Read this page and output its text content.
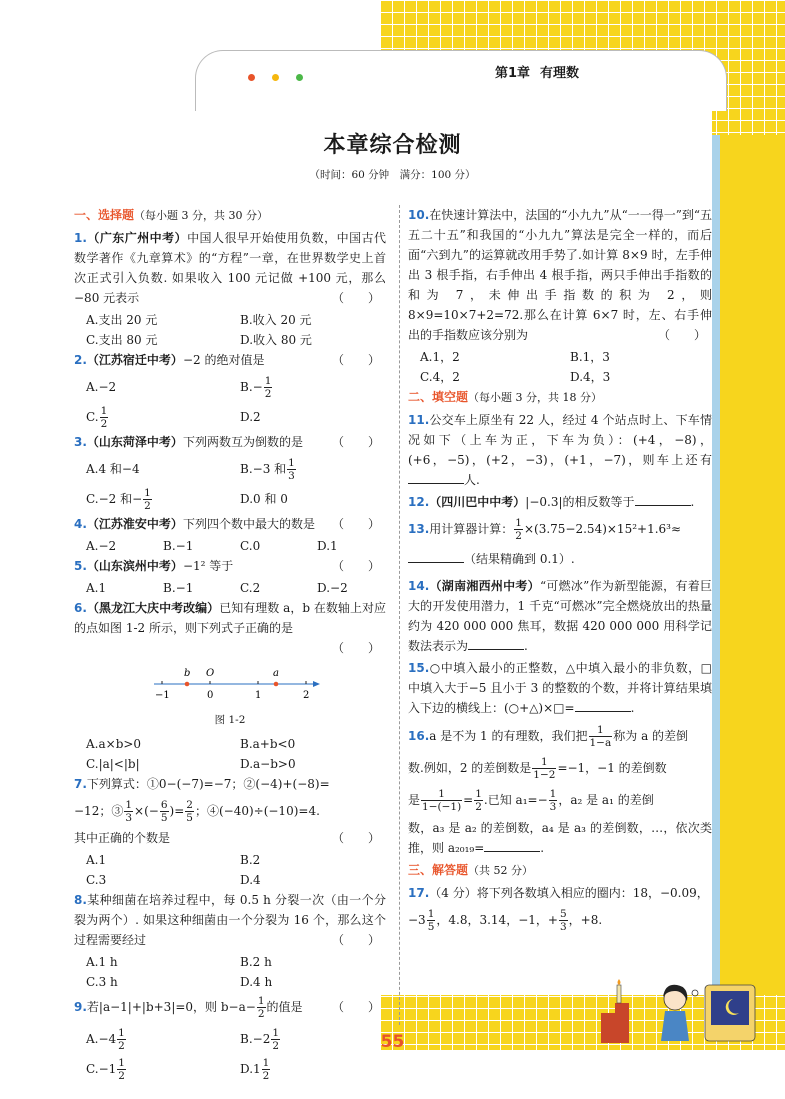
第1章 有理数
本章综合检测
（时间：60 分钟　满分：100 分）
一、选择题（每小题 3 分，共 30 分）
1.（广东广州中考）中国人很早开始使用负数，中国古代数学著作《九章算术》的“方程”一章，在世界数学史上首次正式引入负数. 如果收入 100 元记做 +100 元，那么 −80 元表示	（　　）
A.支出 20 元	B.收入 20 元
C.支出 80 元	D.收入 80 元
2.（江苏宿迁中考）−2 的绝对值是	（　　）
A.−2	$B.- \frac{1}{2}$
C. $\frac{1}{2}$	D.2
3.（山东菏泽中考）下列两数互为倒数的是 （　　）
A.4 和−4	B.−3 和 $\frac{1}{3}$
C.−2 和− $\frac{1}{2}$	D.0 和 0
4.（江苏淮安中考）下列四个数中最大的数是 （　　）
A.−2	B.−1	C.0	D.1
5.（山东滨州中考）−1² 等于	（　　）
A.1	B.−1	C.2	D.−2
6.（黑龙江大庆中考改编）已知有理数 a，b 在数轴上对应的点如图 1-2 所示，则下列式子正确的是

（　　）

b O	a
−1	0	1	2
图 1-2
A.a×b>0	B.a+b<0
C.|a|<|b|	D.a−b>0
7.下列算式：①0−(−7)=−7；②(−4)+(−8)=
−12；③ $\frac{1}{3}$ ×(− $\frac{6}{5}$ )= $\frac{2}{5}$ ；④(−40)÷(−10)=4.
其中正确的个数是	（　　）
A.1	B.2
C.3	D.4
8.某种细菌在培养过程中，每 0.5 h 分裂一次（由一个分裂为两个）. 如果这种细菌由一个分裂为 16 个，那么这个过程需要经过	（　　）
A.1 h	B.2 h
C.3 h	D.4 h
9.若|a−1|+|b+3|=0，则 $b-a- \frac{1}{2}$ 的值是 （　　）
$A.-4 \frac{1}{2}$	$B.-2 \frac{1}{2}$
$C.-1 \frac{1}{2}$	$D.1 \frac{1}{2}$
10.在快速计算法中，法国的“小九九”从“一一得一”到“五五二十五”和我国的“小九九”算法是完全一样的，而后面“六到九”的运算就改用手势了.如计算 8×9 时，左手伸出 3 根手指，右手伸出 4 根手指，两只手伸出手指数的和为 7，未伸出手指数的积为 2，则 8×9=10×7+2=72.那么在计算 6×7 时，左、右手伸出的手指数应该分别为	（　　）
A.1，2	B.1，3
C.4，2	D.4，3
二、填空题（每小题 3 分，共 18 分）
11.公交车上原坐有 22 人，经过 4 个站点时上、下车情况如下（上车为正，下车为负）：(+4，−8)，(+6，−5)，(+2，−3)，(+1，−7)，则车上还有人.
12.（四川巴中中考）|−0.3|的相反数等于	.
13.用计算器计算： $\frac{1}{2} \times(3.75-2.54)\times 15^2+1.6^3\approx$
（结果精确到 0.1）.
14.（湖南湘西州中考）“可燃冰”作为新型能源，有着巨大的开发使用潜力，1 千克“可燃冰”完全燃烧放出的热量约为 420 000 000 焦耳，数据 420 000 000 用科学记数法表示为	.
15.○中填入最小的正整数，△中填入最小的非负数，□中填入大于−5 且小于 3 的整数的个数，并将计算结果填入下边的横线上：(○+△)×□=	.
16.a 是不为 1 的有理数，我们把 $\frac{1}{1-a}$ 称为 a 的差倒
数.例如，2 的差倒数是 $\frac{1}{1-2} =-1$，−1 的差倒数
是 $\frac{1}{1-(-1)} = \frac{1}{2}$ .已知 $a_1=- \frac{1}{3}$ ，a₂ 是 a₁ 的差倒
数，a₃ 是 a₂ 的差倒数，a₄ 是 a₃ 的差倒数，…，依次类推，则 a₂₀₁₉=	.
三、解答题（共 52 分）
17.（4 分）将下列各数填入相应的圈内：18，−0.09，
$-3 \frac{1}{5}$ ，4.8，3.14，−1，+ $\frac{5}{3}$ ，+8.
55
